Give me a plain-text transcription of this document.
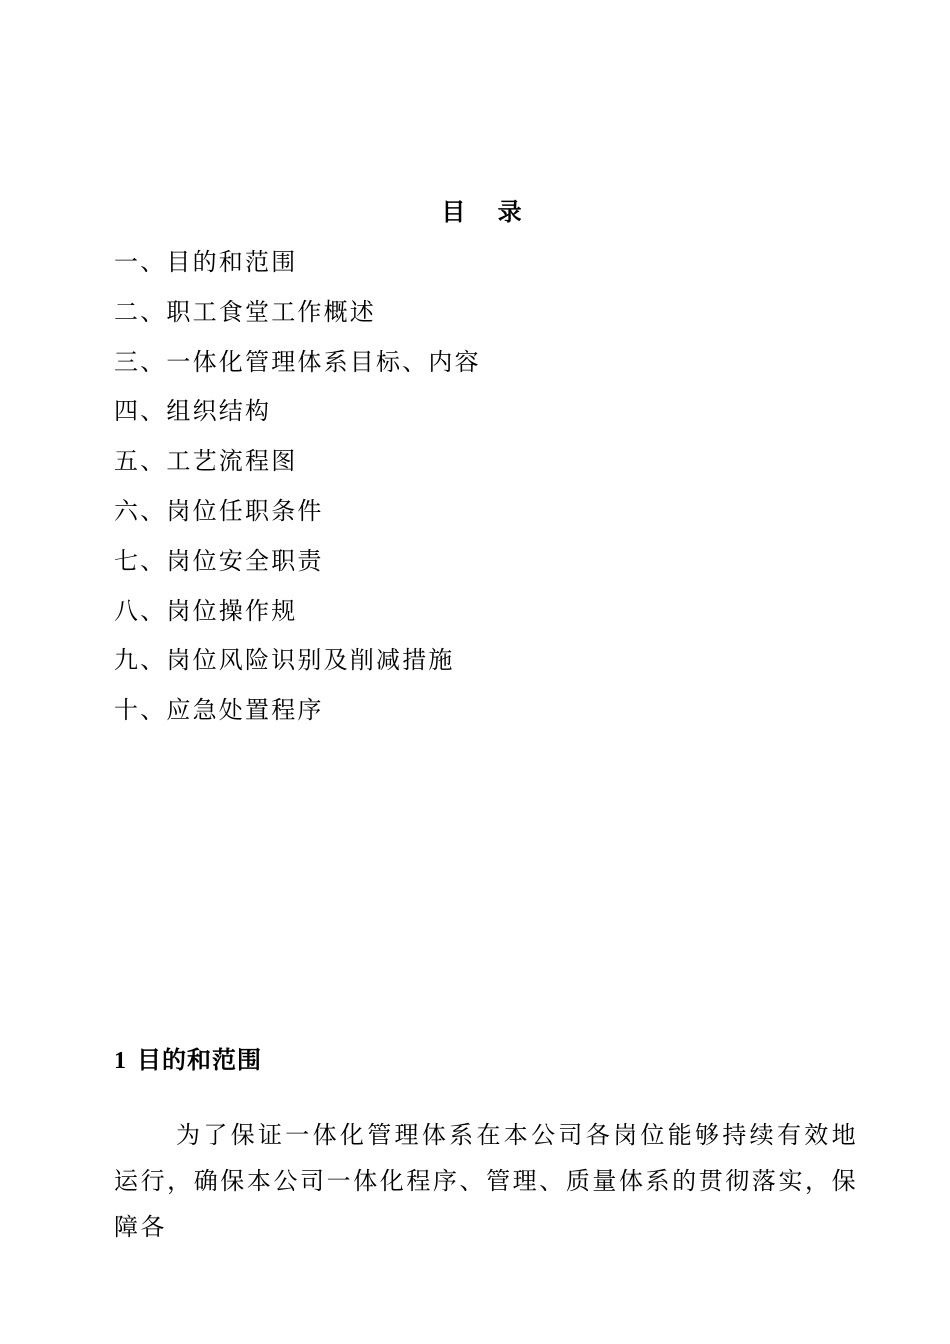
目 录
一、目的和范围
二、职工食堂工作概述
三、一体化管理体系目标、内容
四、组织结构
五、工艺流程图
六、岗位任职条件
七、岗位安全职责
八、岗位操作规
九、岗位风险识别及削减措施
十、应急处置程序
1 目的和范围

为了保证一体化管理体系在本公司各岗位能够持续有效地运行，确保本公司一体化程序、管理、质量体系的贯彻落实，保障各
